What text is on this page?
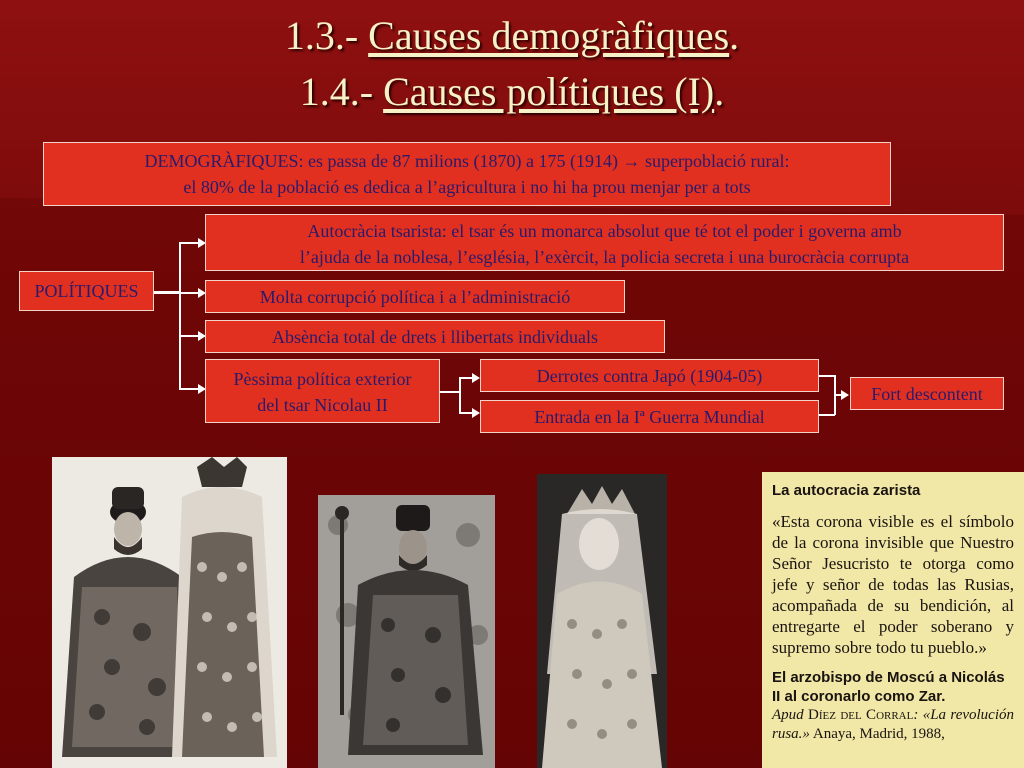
1.3.- Causes demogràfiques.
1.4.- Causes polítiques (I).
DEMOGRÀFIQUES: es passa de 87 milions (1870) a 175 (1914) → superpoblació rural:
el 80% de la població es dedica a l’agricultura i no hi ha prou menjar per a tots
POLÍTIQUES
Autocràcia tsarista: el tsar és un monarca absolut que té tot el poder i governa amb
l’ajuda de la noblesa, l’església, l’exèrcit, la policia secreta i una burocràcia corrupta
Molta corrupció política i a l’administració
Absència total de drets i llibertats individuals
Pèssima política exterior
del tsar Nicolau II
Derrotes contra Japó (1904-05)
Entrada en la Iª Guerra Mundial
Fort descontent
La autocracia zarista

«Esta corona visible es el símbolo de la corona invisible que Nuestro Señor Jesucristo te otorga como jefe y señor de todas las Rusias, acompañada de su bendición, al entregarte el poder soberano y supremo sobre todo tu pueblo.»

El arzobispo de Moscú a Nicolás II al coronarlo como Zar.

Apud Díez del Corral: «La revolución rusa.» Anaya, Madrid, 1988,
